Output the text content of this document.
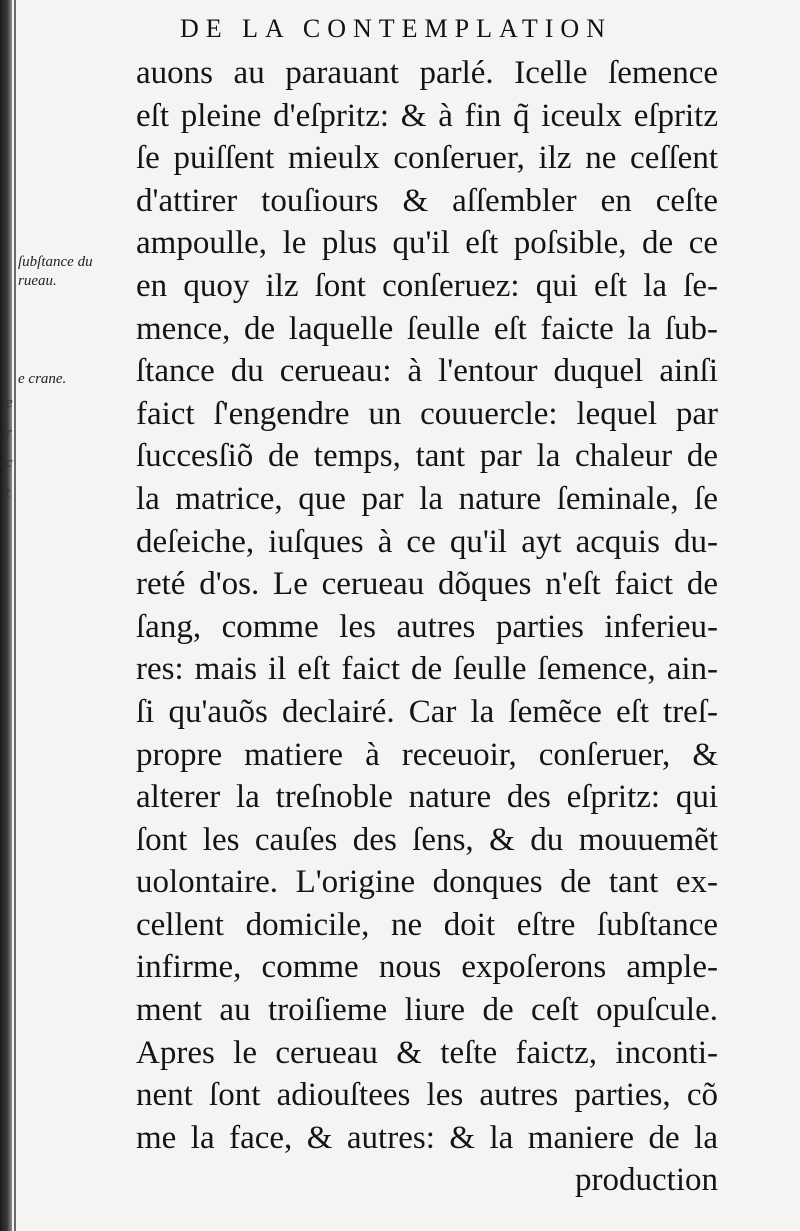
DE LA CONTEMPLATION
ſubſtance du
rueau.
e crane.
e
r
c
t
auons au parauant parlé. Icelle ſemence
eſt pleine d'eſpritz: & à fin q̃ iceulx eſpritz
ſe puiſſent mieulx conſeruer, ilz ne ceſſent
d'attirer touſiours & aſſembler en ceſte
ampoulle, le plus qu'il eſt poſsible, de ce
en quoy ilz ſont conſeruez: qui eſt la ſe-
mence, de laquelle ſeulle eſt faicte la ſub-
ſtance du cerueau: à l'entour duquel ainſi
faict ſ'engendre un couuercle: lequel par
ſuccesſiõ de temps, tant par la chaleur de
la matrice, que par la nature ſeminale, ſe
deſeiche, iuſques à ce qu'il ayt acquis du-
reté d'os. Le cerueau dõques n'eſt faict de
ſang, comme les autres parties inferieu-
res: mais il eſt faict de ſeulle ſemence, ain-
ſi qu'auõs declairé. Car la ſemẽce eſt treſ-
propre matiere à receuoir, conſeruer, &
alterer la treſnoble nature des eſpritz: qui
ſont les cauſes des ſens, & du mouuemẽt
uolontaire. L'origine donques de tant ex-
cellent domicile, ne doit eſtre ſubſtance
infirme, comme nous expoſerons ample-
ment au troiſieme liure de ceſt opuſcule.
Apres le cerueau & teſte faictz, inconti-
nent ſont adiouſtees les autres parties, cõ
me la face, & autres: & la maniere de la
production
